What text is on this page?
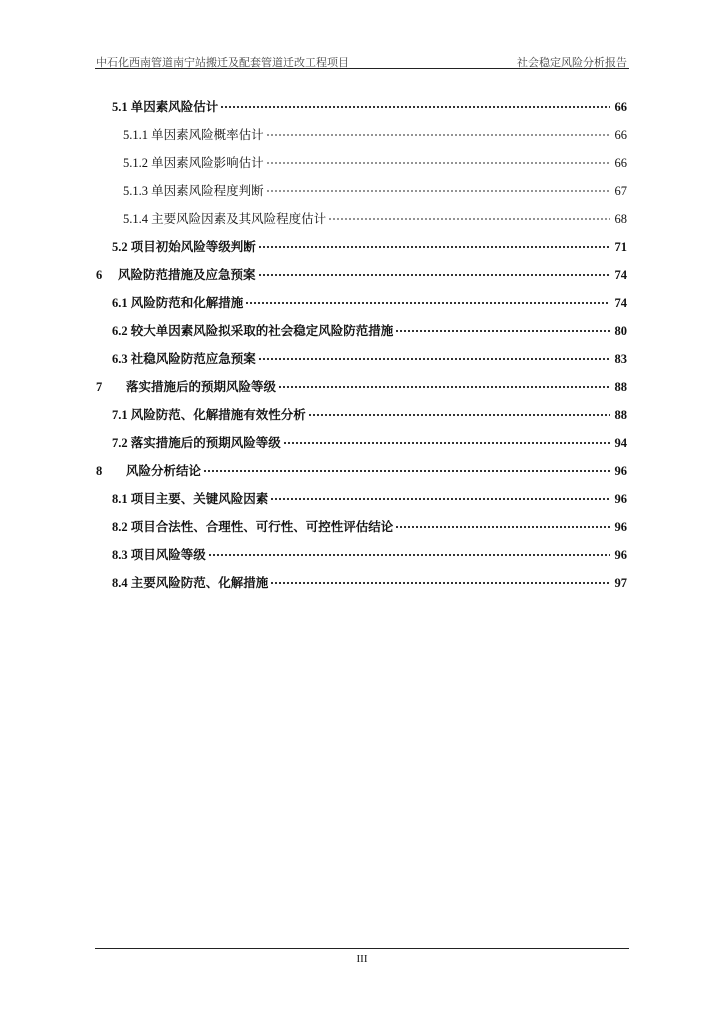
中石化西南管道南宁站搬迁及配套管道迁改工程项目	社会稳定风险分析报告
5.1 单因素风险估计	66
5.1.1 单因素风险概率估计	66
5.1.2 单因素风险影响估计	66
5.1.3 单因素风险程度判断	67
5.1.4 主要风险因素及其风险程度估计	68
5.2 项目初始风险等级判断	71
6	风险防范措施及应急预案	74
6.1 风险防范和化解措施	74
6.2 较大单因素风险拟采取的社会稳定风险防范措施	80
6.3 社稳风险防范应急预案	83
7	落实措施后的预期风险等级	88
7.1 风险防范、化解措施有效性分析	88
7.2 落实措施后的预期风险等级	94
8	风险分析结论	96
8.1 项目主要、关键风险因素	96
8.2 项目合法性、合理性、可行性、可控性评估结论	96
8.3 项目风险等级	96
8.4 主要风险防范、化解措施	97
III
